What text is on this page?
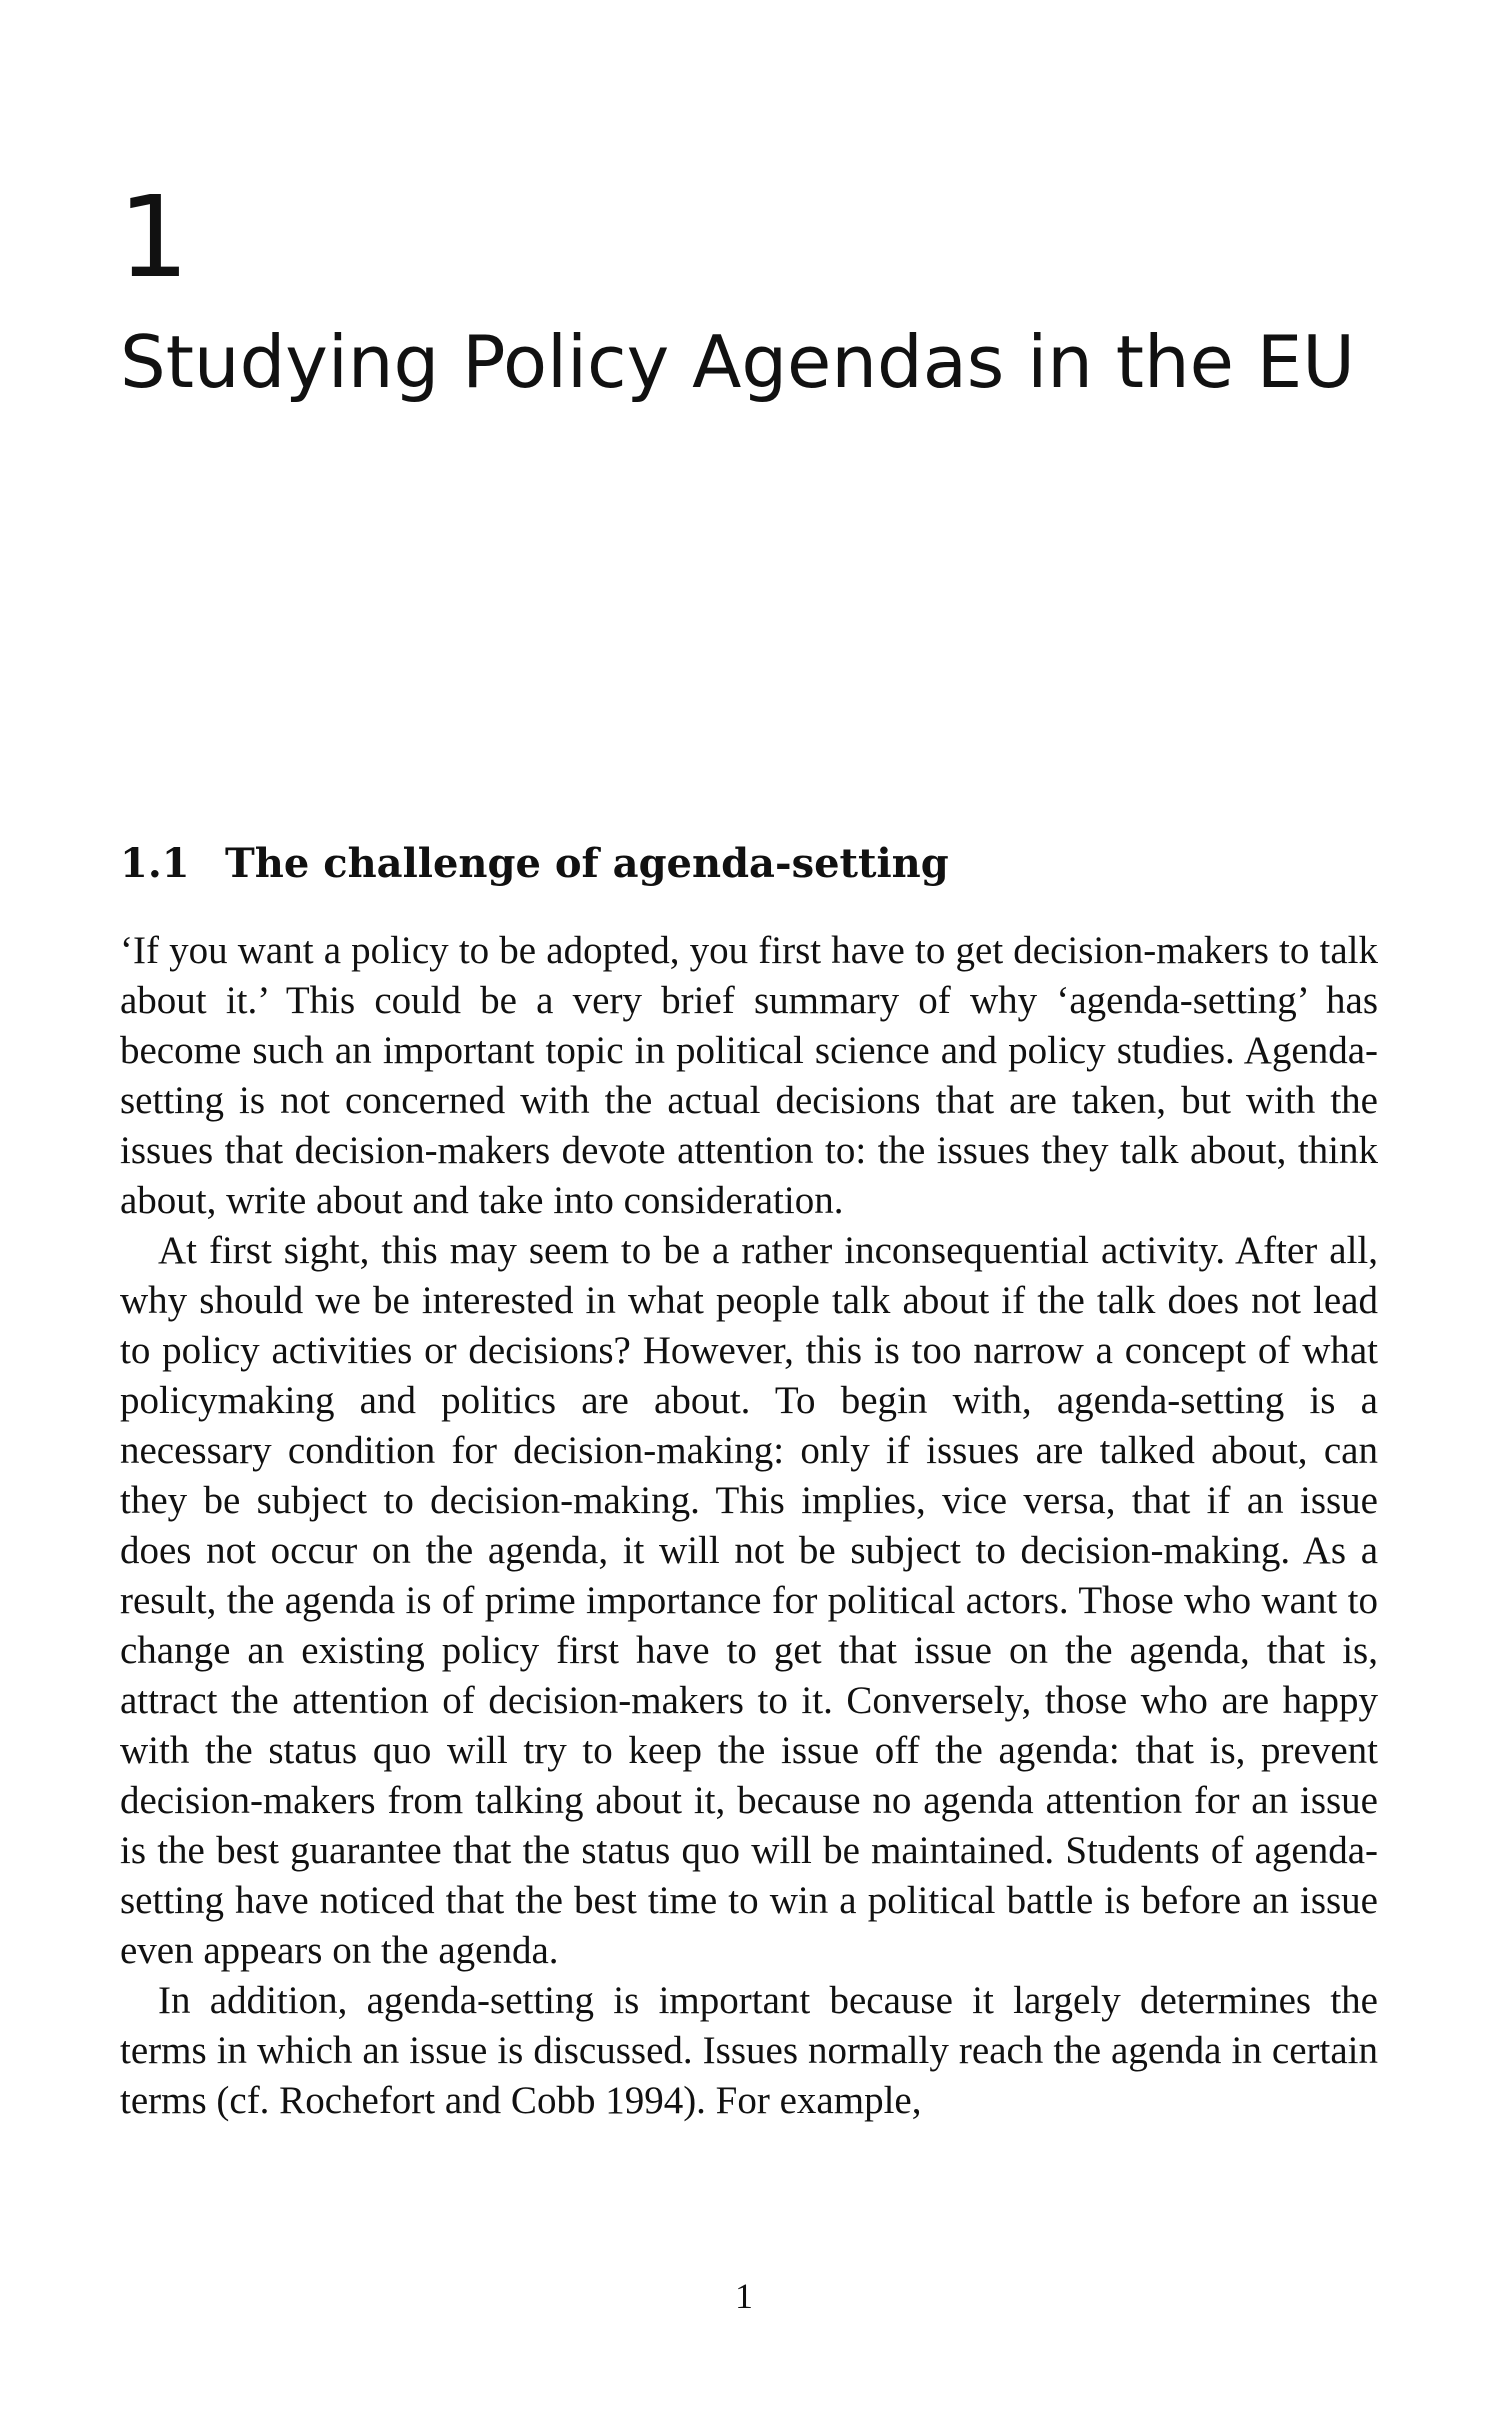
1
Studying Policy Agendas in the EU
1.1 The challenge of agenda-setting

‘If you want a policy to be adopted, you first have to get decision-makers to talk about it.’ This could be a very brief summary of why ‘agenda-setting’ has become such an important topic in political science and policy studies. Agenda-setting is not concerned with the actual decisions that are taken, but with the issues that decision-makers devote attention to: the issues they talk about, think about, write about and take into consideration.

At first sight, this may seem to be a rather inconsequential activity. After all, why should we be interested in what people talk about if the talk does not lead to policy activities or decisions? However, this is too narrow a concept of what policymaking and politics are about. To begin with, agenda-setting is a necessary condition for decision-making: only if issues are talked about, can they be subject to decision-making. This implies, vice versa, that if an issue does not occur on the agenda, it will not be subject to decision-making. As a result, the agenda is of prime importance for political actors. Those who want to change an existing policy first have to get that issue on the agenda, that is, attract the attention of decision-makers to it. Conversely, those who are happy with the status quo will try to keep the issue off the agenda: that is, prevent decision-makers from talking about it, because no agenda attention for an issue is the best guarantee that the status quo will be maintained. Students of agenda-setting have noticed that the best time to win a political battle is before an issue even appears on the agenda.

In addition, agenda-setting is important because it largely determines the terms in which an issue is discussed. Issues normally reach the agenda in certain terms (cf. Rochefort and Cobb 1994). For example,

1
